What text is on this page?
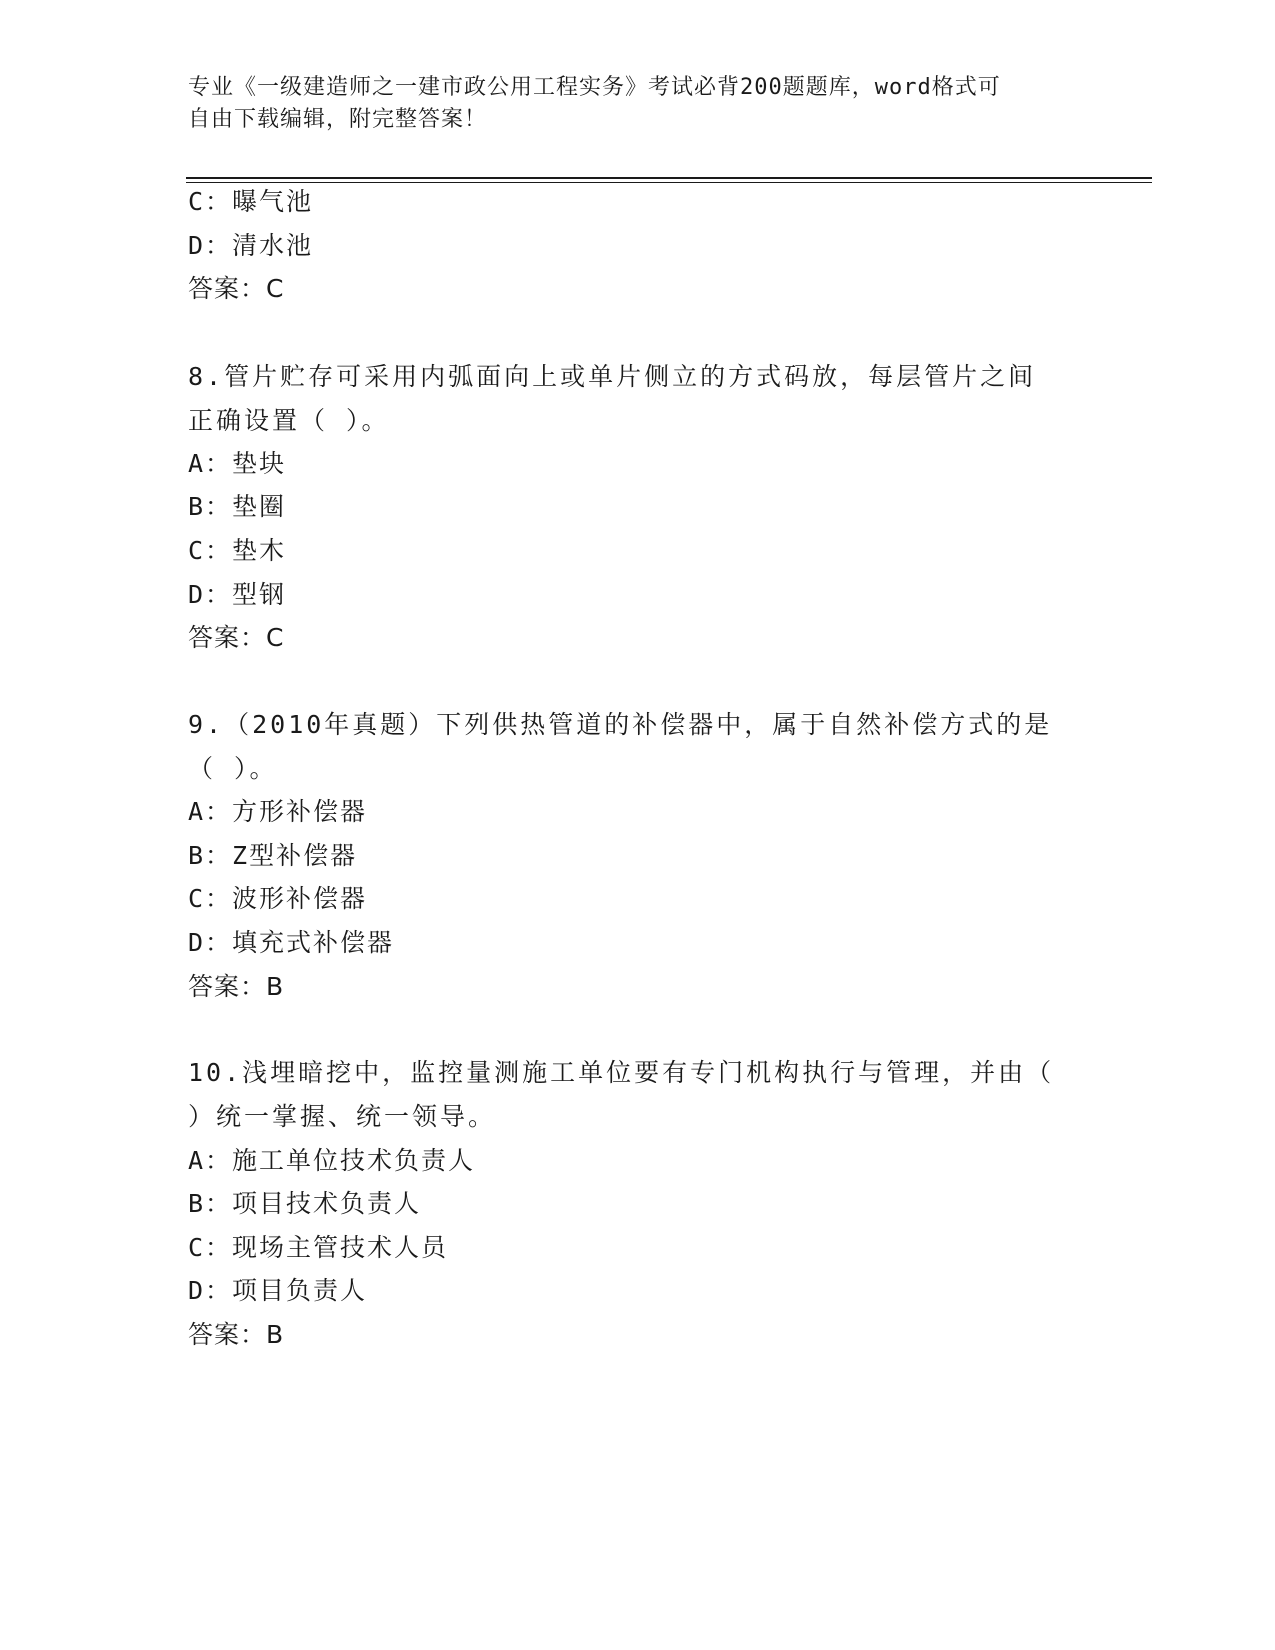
专业《一级建造师之一建市政公用工程实务》考试必背200题题库，word格式可
自由下载编辑，附完整答案！
C：曝气池
D：清水池
答案：C
8.管片贮存可采用内弧面向上或单片侧立的方式码放，每层管片之间
正确设置（ ）。
A：垫块
B：垫圈
C：垫木
D：型钢
答案：C
9.（2010年真题）下列供热管道的补偿器中，属于自然补偿方式的是
（ ）。
A：方形补偿器
B：Z型补偿器
C：波形补偿器
D：填充式补偿器
答案：B
10.浅埋暗挖中，监控量测施工单位要有专门机构执行与管理，并由（
）统一掌握、统一领导。
A：施工单位技术负责人
B：项目技术负责人
C：现场主管技术人员
D：项目负责人
答案：B
